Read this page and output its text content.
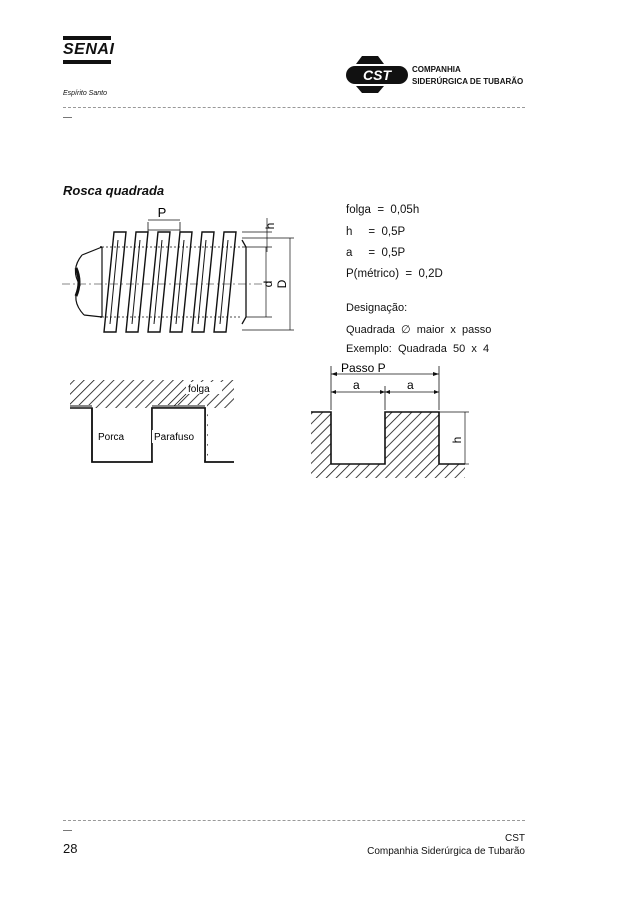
SENAI
Espírito Santo
CST	COMPANHIA
SIDERÚRGICA DE TUBARÃO
Rosca quadrada
folga  =  0,05h
h     =  0,5P
a     =  0,5P
P(métrico)  =  0,2D
Designação:
Quadrada  ∅  maior  x  passo
Exemplo:  Quadrada  50  x  4
P
h
d D
folga
Porca	Parafuso
Passo P
a	a
h
28
CST
Companhia Siderúrgica de Tubarão
